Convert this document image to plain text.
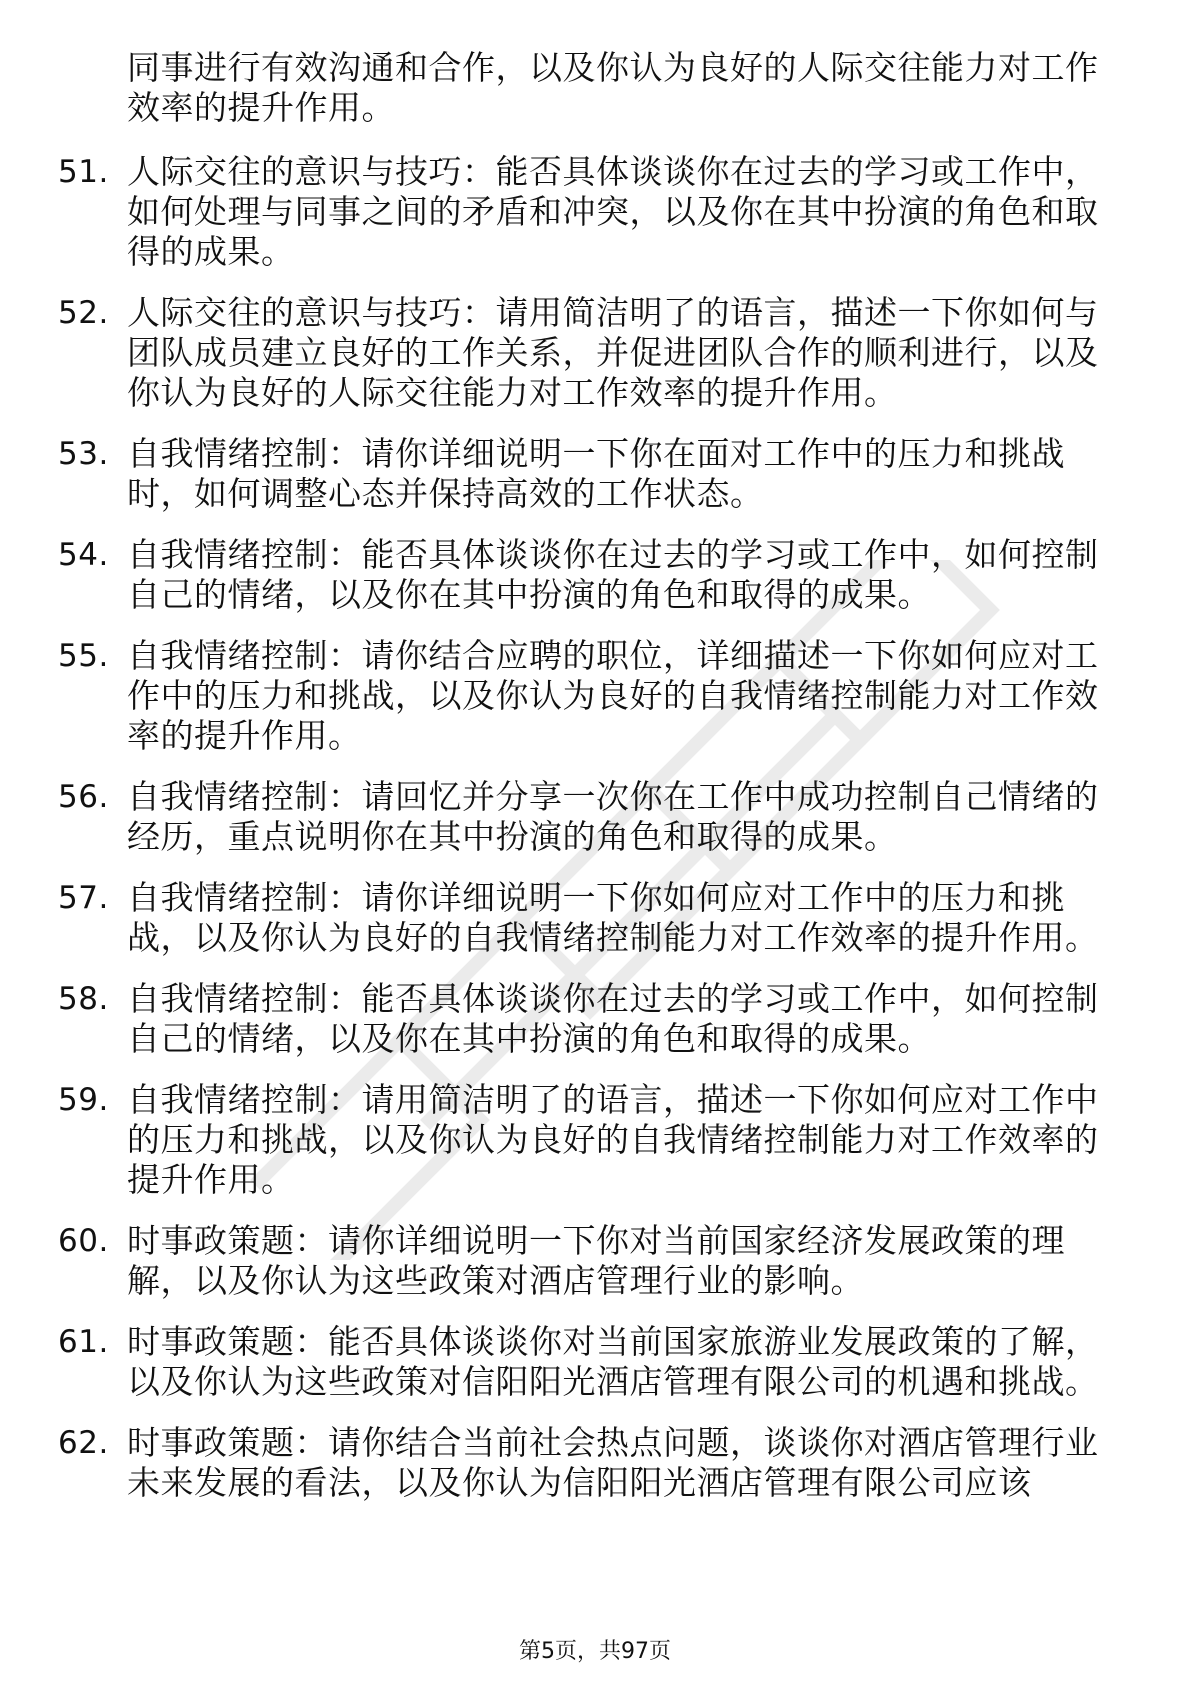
同事进行有效沟通和合作，以及你认为良好的人际交往能力对工作效率的提升作用。
51. 人际交往的意识与技巧：能否具体谈谈你在过去的学习或工作中，如何处理与同事之间的矛盾和冲突，以及你在其中扮演的角色和取得的成果。
52. 人际交往的意识与技巧：请用简洁明了的语言，描述一下你如何与团队成员建立良好的工作关系，并促进团队合作的顺利进行，以及你认为良好的人际交往能力对工作效率的提升作用。
53. 自我情绪控制：请你详细说明一下你在面对工作中的压力和挑战时，如何调整心态并保持高效的工作状态。
54. 自我情绪控制：能否具体谈谈你在过去的学习或工作中，如何控制自己的情绪，以及你在其中扮演的角色和取得的成果。
55. 自我情绪控制：请你结合应聘的职位，详细描述一下你如何应对工作中的压力和挑战，以及你认为良好的自我情绪控制能力对工作效率的提升作用。
56. 自我情绪控制：请回忆并分享一次你在工作中成功控制自己情绪的经历，重点说明你在其中扮演的角色和取得的成果。
57. 自我情绪控制：请你详细说明一下你如何应对工作中的压力和挑战，以及你认为良好的自我情绪控制能力对工作效率的提升作用。
58. 自我情绪控制：能否具体谈谈你在过去的学习或工作中，如何控制自己的情绪，以及你在其中扮演的角色和取得的成果。
59. 自我情绪控制：请用简洁明了的语言，描述一下你如何应对工作中的压力和挑战，以及你认为良好的自我情绪控制能力对工作效率的提升作用。
60. 时事政策题：请你详细说明一下你对当前国家经济发展政策的理解，以及你认为这些政策对酒店管理行业的影响。
61. 时事政策题：能否具体谈谈你对当前国家旅游业发展政策的了解，以及你认为这些政策对信阳阳光酒店管理有限公司的机遇和挑战。
62. 时事政策题：请你结合当前社会热点问题，谈谈你对酒店管理行业未来发展的看法，以及你认为信阳阳光酒店管理有限公司应该
第5页，共97页
